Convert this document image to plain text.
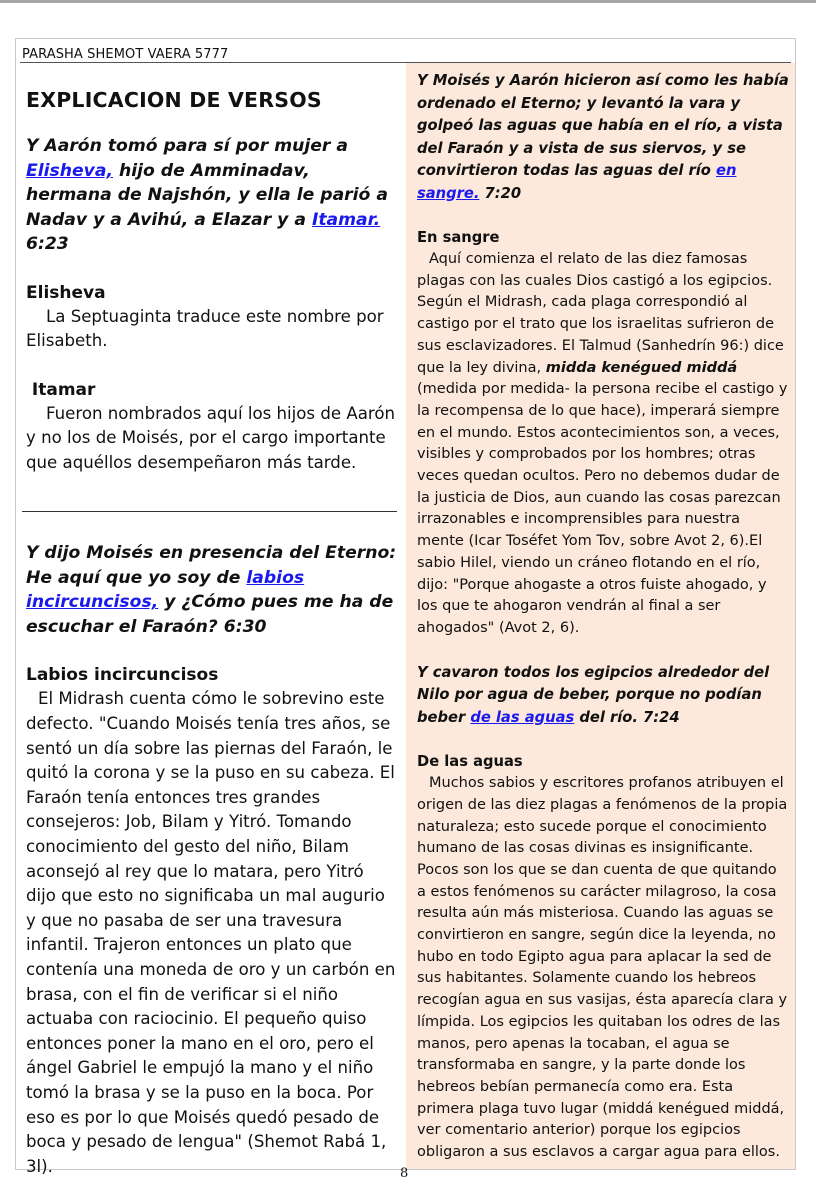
PARASHA SHEMOT VAERA 5777
EXPLICACION DE VERSOS

Y Aarón tomó para sí por mujer a Elisheva, hijo de Amminadav, hermana de Najshón, y ella le parió a Nadav y a Avihú, a Elazar y a Itamar. 6:23

Elisheva

La Septuaginta traduce este nombre por Elisabeth.

Itamar

Fueron nombrados aquí los hijos de Aarón y no los de Moisés, por el cargo importante que aquéllos desempeñaron más tarde.

Y dijo Moisés en presencia del Eterno: He aquí que yo soy de labios incircuncisos, y ¿Cómo pues me ha de escuchar el Faraón? 6:30

Labios incircuncisos

El Midrash cuenta cómo le sobrevino este defecto. "Cuando Moisés tenía tres años, se sentó un día sobre las piernas del Faraón, le quitó la corona y se la puso en su cabeza. El Faraón tenía entonces tres grandes consejeros: Job, Bilam y Yitró. Tomando conocimiento del gesto del niño, Bilam aconsejó al rey que lo matara, pero Yitró dijo que esto no significaba un mal augurio y que no pasaba de ser una travesura infantil. Trajeron entonces un plato que contenía una moneda de oro y un carbón en brasa, con el fin de verificar si el niño actuaba con raciocinio. El pequeño quiso entonces poner la mano en el oro, pero el ángel Gabriel le empujó la mano y el niño tomó la brasa y se la puso en la boca. Por eso es por lo que Moisés quedó pesado de boca y pesado de lengua" (Shemot Rabá 1, 3l).

Y Moisés y Aarón hicieron así como les había ordenado el Eterno; y levantó la vara y golpeó las aguas que había en el río, a vista del Faraón y a vista de sus siervos, y se convirtieron todas las aguas del río en sangre. 7:20

En sangre

Aquí comienza el relato de las diez famosas plagas con las cuales Dios castigó a los egipcios. Según el Midrash, cada plaga correspondió al castigo por el trato que los israelitas sufrieron de sus esclavizadores. El Talmud (Sanhedrín 96:) dice que la ley divina, midda kenégued middá (medida por medida- la persona recibe el castigo y la recompensa de lo que hace), imperará siempre en el mundo. Estos acontecimientos son, a veces, visibles y comprobados por los hombres; otras veces quedan ocultos. Pero no debemos dudar de la justicia de Dios, aun cuando las cosas parezcan irrazonables e incomprensibles para nuestra mente (Icar Toséfet Yom Tov, sobre Avot 2, 6).El sabio Hilel, viendo un cráneo flotando en el río, dijo: "Porque ahogaste a otros fuiste ahogado, y los que te ahogaron vendrán al final a ser ahogados" (Avot 2, 6).

Y cavaron todos los egipcios alrededor del Nilo por agua de beber, porque no podían beber de las aguas del río. 7:24

De las aguas

Muchos sabios y escritores profanos atribuyen el origen de las diez plagas a fenómenos de la propia naturaleza; esto sucede porque el conocimiento humano de las cosas divinas es insignificante. Pocos son los que se dan cuenta de que quitando a estos fenómenos su carácter milagroso, la cosa resulta aún más misteriosa. Cuando las aguas se convirtieron en sangre, según dice la leyenda, no hubo en todo Egipto agua para aplacar la sed de sus habitantes. Solamente cuando los hebreos recogían agua en sus vasijas, ésta aparecía clara y límpida. Los egipcios les quitaban los odres de las manos, pero apenas la tocaban, el agua se transformaba en sangre, y la parte donde los hebreos bebían permanecía como era. Esta primera plaga tuvo lugar (middá kenégued middá, ver comentario anterior) porque los egipcios obligaron a sus esclavos a cargar agua para ellos.

8
